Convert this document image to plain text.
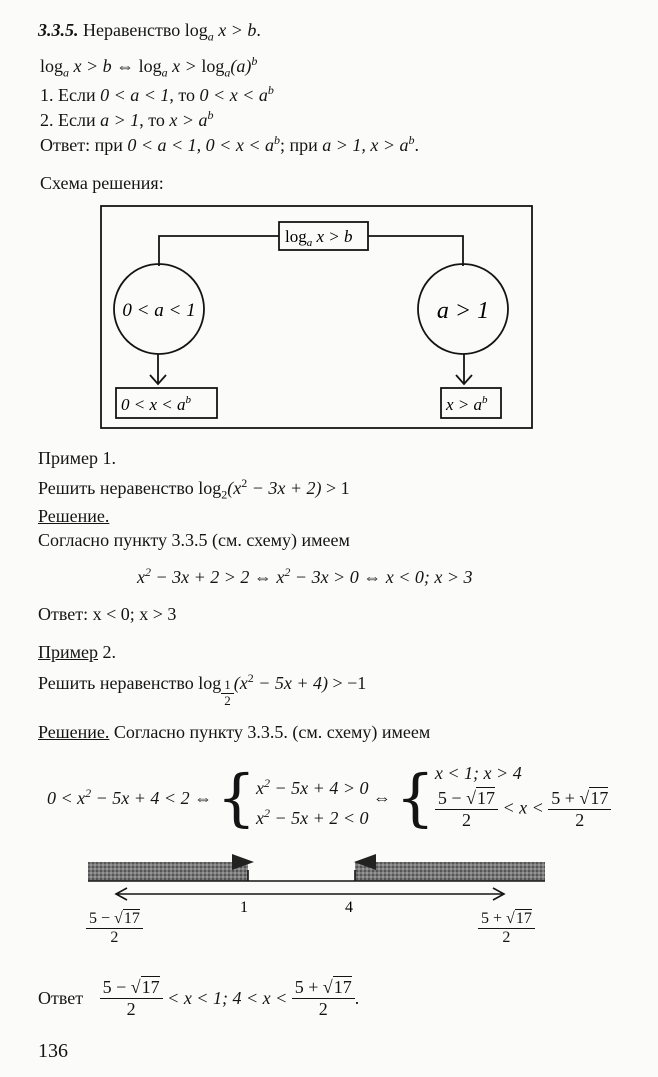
3.3.5. Неравенство $\log_a x > b$.
$\log_a x > b$ ⇔ $\log_a x > \log_a(a)^b$
1. Если 0 < a < 1, то $0 < x < a^b$
2. Если a > 1, то $x > a^b$
Ответ: при 0 < a < 1, $0 < x < a^b$; при a > 1, $x > a^b$.
Схема решения:
$\log_a x > b$
0 < a < 1	a > 1
$0 < x < a^b$	$x > a^b$
Пример 1.
Решить неравенство $\log_2(x^2 - 3x + 2) > 1$
Решение.
Согласно пункту 3.3.5 (см. схему) имеем
$x^2 - 3x + 2 > 2$ ⇔ $x^2 - 3x > 0$ ⇔ x < 0; x > 3
Ответ: x < 0; x > 3
Пример 2.
Решить неравенство $\log \frac{1}{2} (x^2 - 5x + 4) > -1$
Решение. Согласно пункту 3.3.5. (см. схему) имеем
$0 < x^2 - 5x + 4 < 2$ ⇔ { $x^2 - 5x + 4 > 0$
$x^2 - 5x + 2 < 0$
⇔ { x < 1; x > 4
$\frac{5 - √17}{2} < x < \frac{5 + √17}{2}$
1	4
$\frac{5 - √17}{2}$	$\frac{5 + √17}{2}$
Ответ $\frac{5 - √17}{2} < x < 1$; $4 < x < \frac{5 + √17}{2}$ .
136
